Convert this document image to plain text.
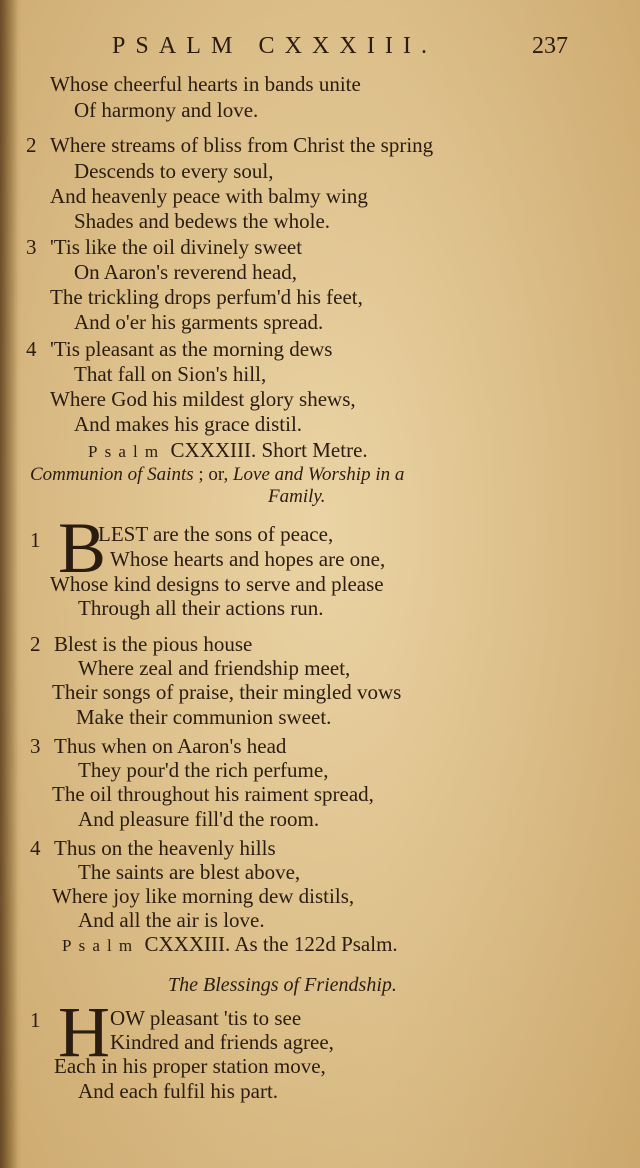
PSALM CXXXIII.	237
Whose cheerful hearts in bands unite
Of harmony and love.
2 Where streams of bliss from Christ the spring
Descends to every soul,
And heavenly peace with balmy wing
Shades and bedews the whole.
3 'Tis like the oil divinely sweet
On Aaron's reverend head,
The trickling drops perfum'd his feet,
And o'er his garments spread.
4 'Tis pleasant as the morning dews
That fall on Sion's hill,
Where God his mildest glory shews,
And makes his grace distil.
Psalm CXXXIII. Short Metre.
Communion of Saints ; or, Love and Worship in a
Family.
1 B
LEST are the sons of peace,
Whose hearts and hopes are one,
Whose kind designs to serve and please
Through all their actions run.
2 Blest is the pious house
Where zeal and friendship meet,
Their songs of praise, their mingled vows
Make their communion sweet.
3 Thus when on Aaron's head
They pour'd the rich perfume,
The oil throughout his raiment spread,
And pleasure fill'd the room.
4 Thus on the heavenly hills
The saints are blest above,
Where joy like morning dew distils,
And all the air is love.
Psalm CXXXIII. As the 122d Psalm.
The Blessings of Friendship.
1 H OW pleasant 'tis to see
Kindred and friends agree,
Each in his proper station move,
And each fulfil his part.
